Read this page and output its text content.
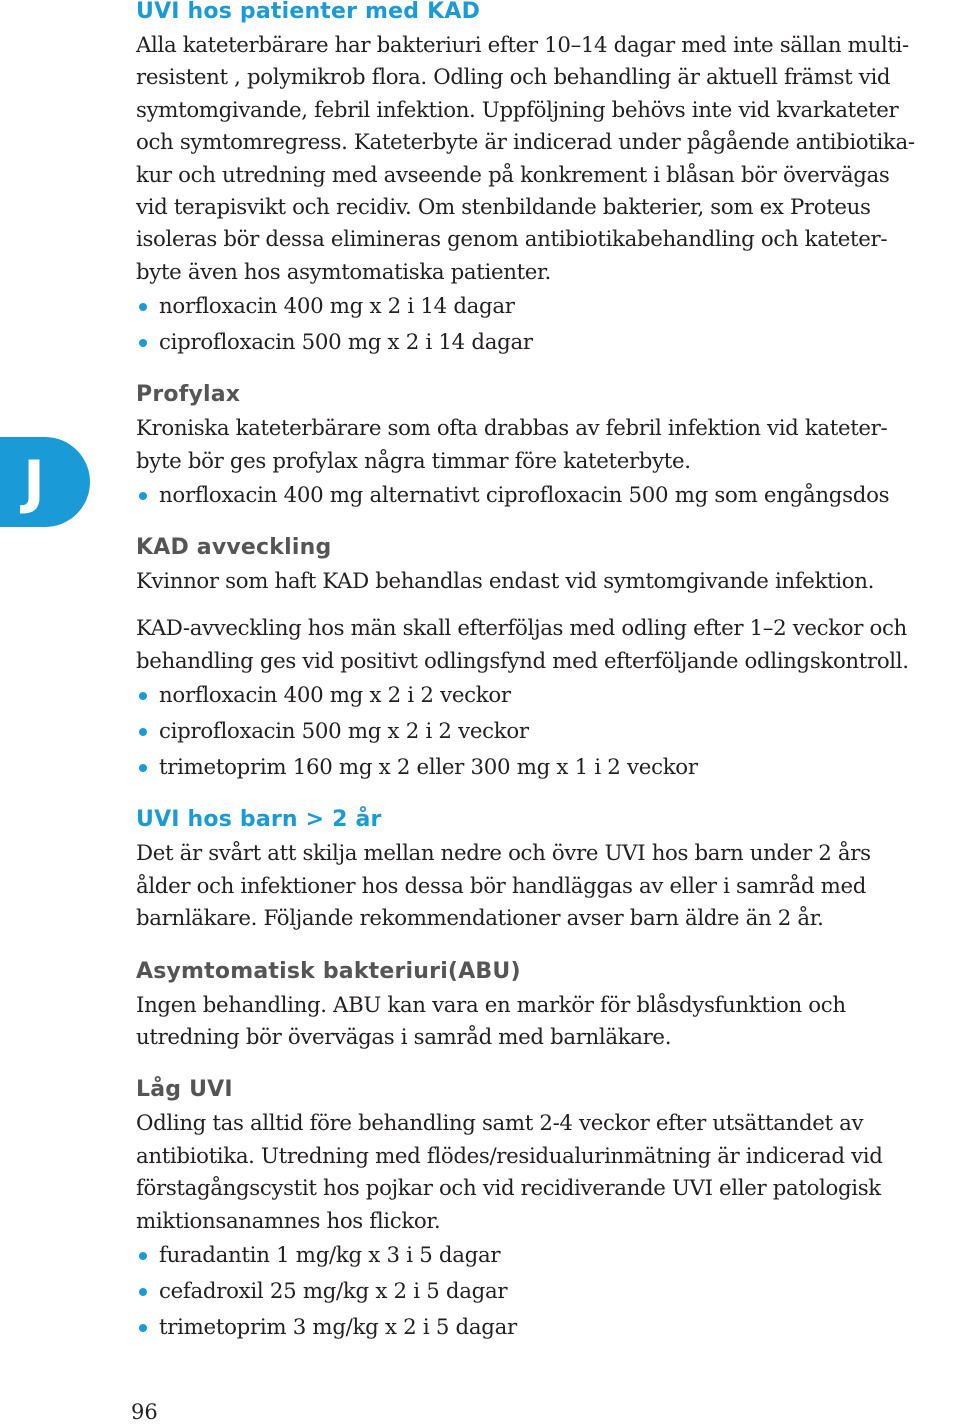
J
UVI hos patienter med KAD

Alla kateterbärare har bakteriuri efter 10–14 dagar med inte sällan multi-
resistent , polymikrob flora. Odling och behandling är aktuell främst vid
symtomgivande, febril infektion. Uppföljning behövs inte vid kvarkateter
och symtomregress. Kateterbyte är indicerad under pågående antibiotika-
kur och utredning med avseende på konkrement i blåsan bör övervägas
vid terapisvikt och recidiv. Om stenbildande bakterier, som ex Proteus
isoleras bör dessa elimineras genom antibiotikabehandling och kateter-
byte även hos asymtomatiska patienter.

norfloxacin 400 mg x 2 i 14 dagar
ciprofloxacin 500 mg x 2 i 14 dagar
Profylax

Kroniska kateterbärare som ofta drabbas av febril infektion vid kateter-
byte bör ges profylax några timmar före kateterbyte.

norfloxacin 400 mg alternativt ciprofloxacin 500 mg som engångsdos
KAD avveckling

Kvinnor som haft KAD behandlas endast vid symtomgivande infektion.

KAD-avveckling hos män skall efterföljas med odling efter 1–2 veckor och
behandling ges vid positivt odlingsfynd med efterföljande odlingskontroll.

norfloxacin 400 mg x 2 i 2 veckor
ciprofloxacin 500 mg x 2 i 2 veckor
trimetoprim 160 mg x 2 eller 300 mg x 1 i 2 veckor
UVI hos barn > 2 år

Det är svårt att skilja mellan nedre och övre UVI hos barn under 2 års
ålder och infektioner hos dessa bör handläggas av eller i samråd med
barnläkare. Följande rekommendationer avser barn äldre än 2 år.

Asymtomatisk bakteriuri(ABU)

Ingen behandling. ABU kan vara en markör för blåsdysfunktion och
utredning bör övervägas i samråd med barnläkare.

Låg UVI

Odling tas alltid före behandling samt 2-4 veckor efter utsättandet av
antibiotika. Utredning med flödes/residualurinmätning är indicerad vid
förstagångscystit hos pojkar och vid recidiverande UVI eller patologisk
miktionsanamnes hos flickor.

furadantin 1 mg/kg x 3 i 5 dagar
cefadroxil 25 mg/kg x 2 i 5 dagar
trimetoprim 3 mg/kg x 2 i 5 dagar
96
